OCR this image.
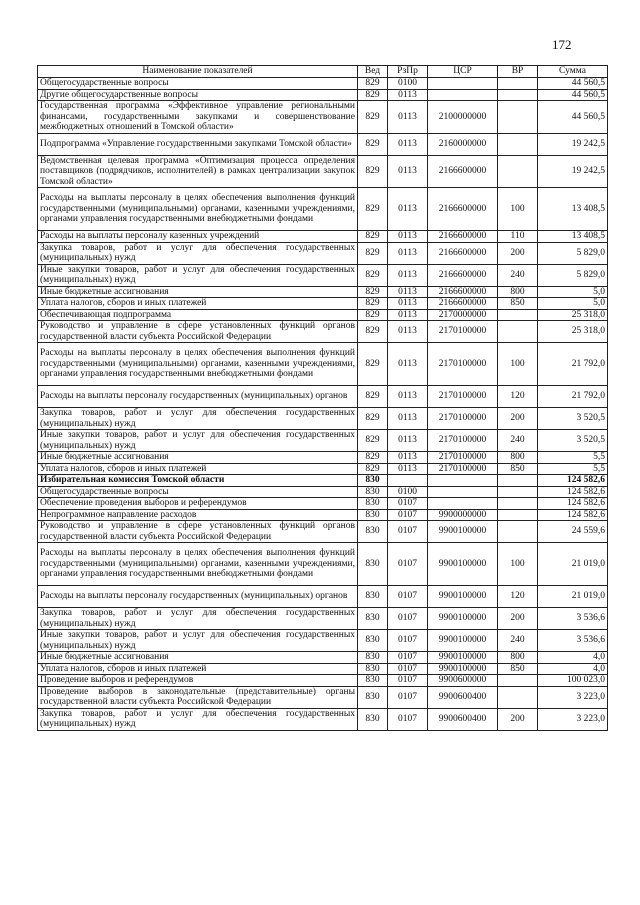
172
Наименование показателей	Вед	РзПр	ЦСР	ВР	Сумма
Общегосударственные вопросы	829	0100			44 560,5
Другие общегосударственные вопросы	829	0113			44 560,5
Государственная программа «Эффективное управление региональными финансами, государственными закупками и совершенствование межбюджетных отношений в Томской области»	829	0113	2100000000		44 560,5
Подпрограмма «Управление государственными закупками Томской области»	829	0113	2160000000		19 242,5
Ведомственная целевая программа «Оптимизация процесса определения поставщиков (подрядчиков, исполнителей) в рамках централизации закупок Томской области»	829	0113	2166600000		19 242,5
Расходы на выплаты персоналу в целях обеспечения выполнения функций государственными (муниципальными) органами, казенными учреждениями, органами управления государственными внебюджетными фондами	829	0113	2166600000	100	13 408,5
Расходы на выплаты персоналу казенных учреждений	829	0113	2166600000	110	13 408,5
Закупка товаров, работ и услуг для обеспечения государственных (муниципальных) нужд	829	0113	2166600000	200	5 829,0
Иные закупки товаров, работ и услуг для обеспечения государственных (муниципальных) нужд	829	0113	2166600000	240	5 829,0
Иные бюджетные ассигнования	829	0113	2166600000	800	5,0
Уплата налогов, сборов и иных платежей	829	0113	2166600000	850	5,0
Обеспечивающая подпрограмма	829	0113	2170000000		25 318,0
Руководство и управление в сфере установленных функций органов государственной власти субъекта Российской Федерации	829	0113	2170100000		25 318,0
Расходы на выплаты персоналу в целях обеспечения выполнения функций государственными (муниципальными) органами, казенными учреждениями, органами управления государственными внебюджетными фондами	829	0113	2170100000	100	21 792,0
Расходы на выплаты персоналу государственных (муниципальных) органов	829	0113	2170100000	120	21 792,0
Закупка товаров, работ и услуг для обеспечения государственных (муниципальных) нужд	829	0113	2170100000	200	3 520,5
Иные закупки товаров, работ и услуг для обеспечения государственных (муниципальных) нужд	829	0113	2170100000	240	3 520,5
Иные бюджетные ассигнования	829	0113	2170100000	800	5,5
Уплата налогов, сборов и иных платежей	829	0113	2170100000	850	5,5
Избирательная комиссия Томской области	830				124 582,6
Общегосударственные вопросы	830	0100			124 582,6
Обеспечение проведения выборов и референдумов	830	0107			124 582,6
Непрограммное направление расходов	830	0107	9900000000		124 582,6
Руководство и управление в сфере установленных функций органов государственной власти субъекта Российской Федерации	830	0107	9900100000		24 559,6
Расходы на выплаты персоналу в целях обеспечения выполнения функций государственными (муниципальными) органами, казенными учреждениями, органами управления государственными внебюджетными фондами	830	0107	9900100000	100	21 019,0
Расходы на выплаты персоналу государственных (муниципальных) органов	830	0107	9900100000	120	21 019,0
Закупка товаров, работ и услуг для обеспечения государственных (муниципальных) нужд	830	0107	9900100000	200	3 536,6
Иные закупки товаров, работ и услуг для обеспечения государственных (муниципальных) нужд	830	0107	9900100000	240	3 536,6
Иные бюджетные ассигнования	830	0107	9900100000	800	4,0
Уплата налогов, сборов и иных платежей	830	0107	9900100000	850	4,0
Проведение выборов и референдумов	830	0107	9900600000		100 023,0
Проведение выборов в законодательные (представительные) органы государственной власти субъекта Российской Федерации	830	0107	9900600400		3 223,0
Закупка товаров, работ и услуг для обеспечения государственных (муниципальных) нужд	830	0107	9900600400	200	3 223,0
